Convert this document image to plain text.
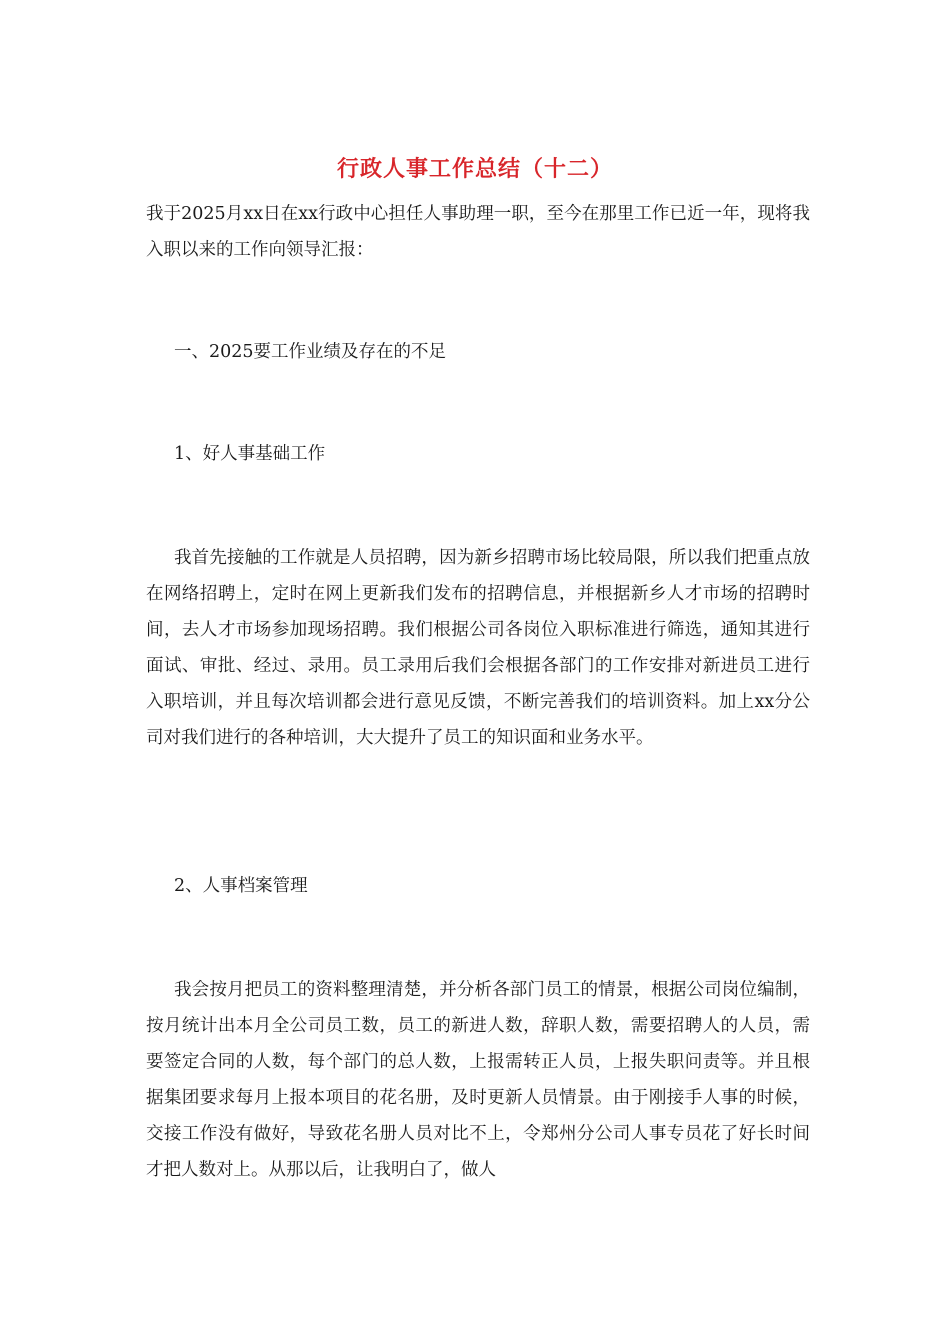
行政人事工作总结（十二）
我于2025月xx日在xx行政中心担任人事助理一职，至今在那里工作已近一年，现将我入职以来的工作向领导汇报：
一、2025要工作业绩及存在的不足
1、好人事基础工作
我首先接触的工作就是人员招聘，因为新乡招聘市场比较局限，所以我们把重点放在网络招聘上，定时在网上更新我们发布的招聘信息，并根据新乡人才市场的招聘时间，去人才市场参加现场招聘。我们根据公司各岗位入职标准进行筛选，通知其进行面试、审批、经过、录用。员工录用后我们会根据各部门的工作安排对新进员工进行入职培训，并且每次培训都会进行意见反馈，不断完善我们的培训资料。加上xx分公司对我们进行的各种培训，大大提升了员工的知识面和业务水平。
2、人事档案管理
我会按月把员工的资料整理清楚，并分析各部门员工的情景，根据公司岗位编制，按月统计出本月全公司员工数，员工的新进人数，辞职人数，需要招聘人的人员，需要签定合同的人数，每个部门的总人数，上报需转正人员，上报失职问责等。并且根据集团要求每月上报本项目的花名册，及时更新人员情景。由于刚接手人事的时候，交接工作没有做好，导致花名册人员对比不上，令郑州分公司人事专员花了好长时间才把人数对上。从那以后，让我明白了，做人
